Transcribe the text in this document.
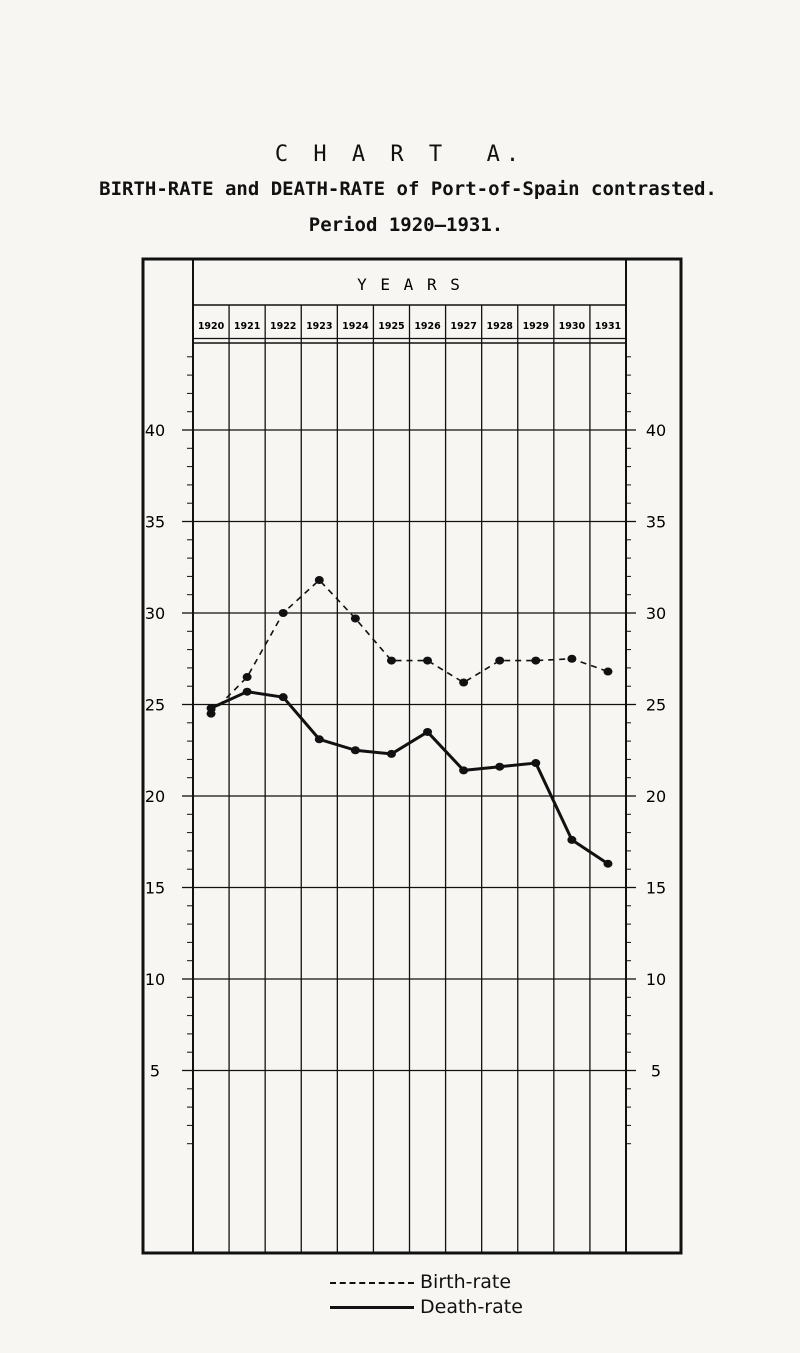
C H A R T  A.
BIRTH-RATE and DEATH-RATE of Port-of-Spain contrasted.
Period 1920—1931.
Y E A R S
1920 1921 1922 1923 1924 1925 1926 1927 1928 1929 1930 1931
5	5
10	10
15	15
20	20
25	25
30	30
35	35
40	40
Birth-rate
Death-rate
